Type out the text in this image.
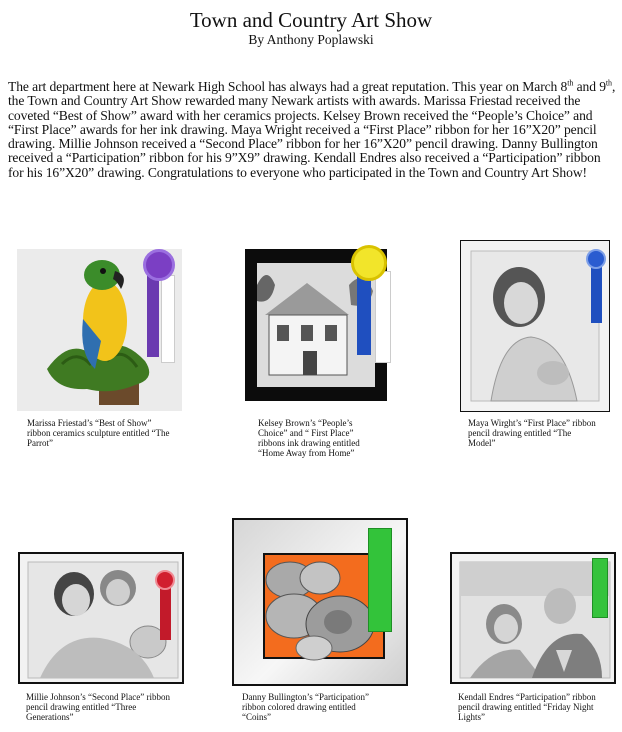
Town and Country Art Show
By Anthony Poplawski

The art department here at Newark High School has always had a great reputation. This year on March 8th and 9th, the Town and Country Art Show rewarded many Newark artists with awards. Marissa Friestad received the coveted “Best of Show” award with her ceramics projects. Kelsey Brown received the “People’s Choice” and “First Place” awards for her ink drawing. Maya Wright received a “First Place” ribbon for her 16”X20” pencil drawing. Millie Johnson received a “Second Place” ribbon for her 16”X20” pencil drawing. Danny Bullington received a “Participation” ribbon for his 9”X9” drawing. Kendall Endres also received a “Participation” ribbon for his 16”X20” drawing. Congratulations to everyone who participated in the Town and Country Art Show!

Marissa Friestad’s “Best of Show” ribbon ceramics sculpture entitled “The Parrot”
Kelsey Brown’s “People’s Choice” and “ First Place” ribbons ink drawing entitled “Home Away from Home”
Maya Wirght’s “First Place” ribbon pencil drawing entitled “The Model”
Millie Johnson’s “Second Place” ribbon pencil drawing entitled “Three Generations”
Danny Bullington’s “Participation” ribbon colored drawing entitled “Coins”
Kendall Endres “Participation” ribbon pencil drawing entitled “Friday Night Lights”
